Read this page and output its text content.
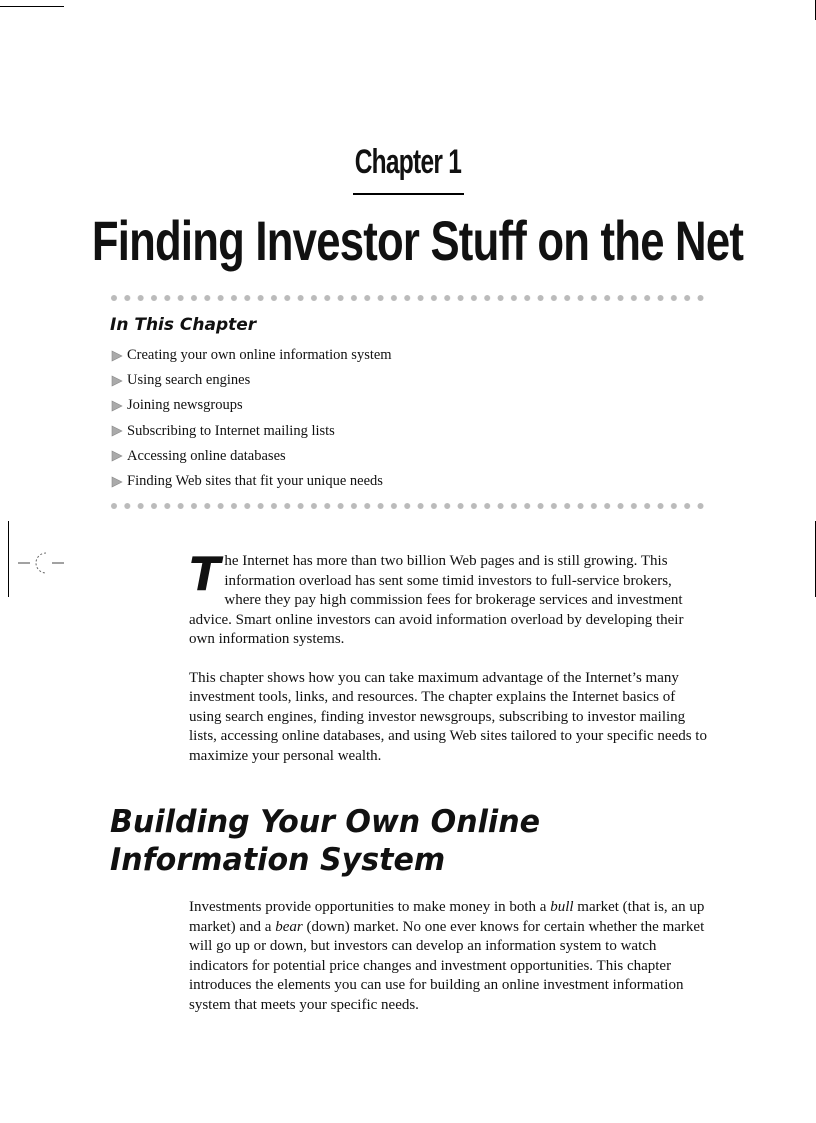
Chapter 1
Finding Investor Stuff on the Net
In This Chapter
Creating your own online information system
Using search engines
Joining newsgroups
Subscribing to Internet mailing lists
Accessing online databases
Finding Web sites that fit your unique needs

The Internet has more than two billion Web pages and is still growing. This information overload has sent some timid investors to full-service brokers, where they pay high commission fees for brokerage services and investment advice. Smart online investors can avoid information overload by developing their own information systems.

This chapter shows how you can take maximum advantage of the Internet’s many investment tools, links, and resources. The chapter explains the Internet basics of using search engines, finding investor newsgroups, subscribing to investor mailing lists, accessing online databases, and using Web sites tailored to your specific needs to maximize your personal wealth.

Building Your Own Online
Information System

Investments provide opportunities to make money in both a bull market (that is, an up market) and a bear (down) market. No one ever knows for certain whether the market will go up or down, but investors can develop an information system to watch indicators for potential price changes and investment opportunities. This chapter introduces the elements you can use for building an online investment information system that meets your specific needs.
